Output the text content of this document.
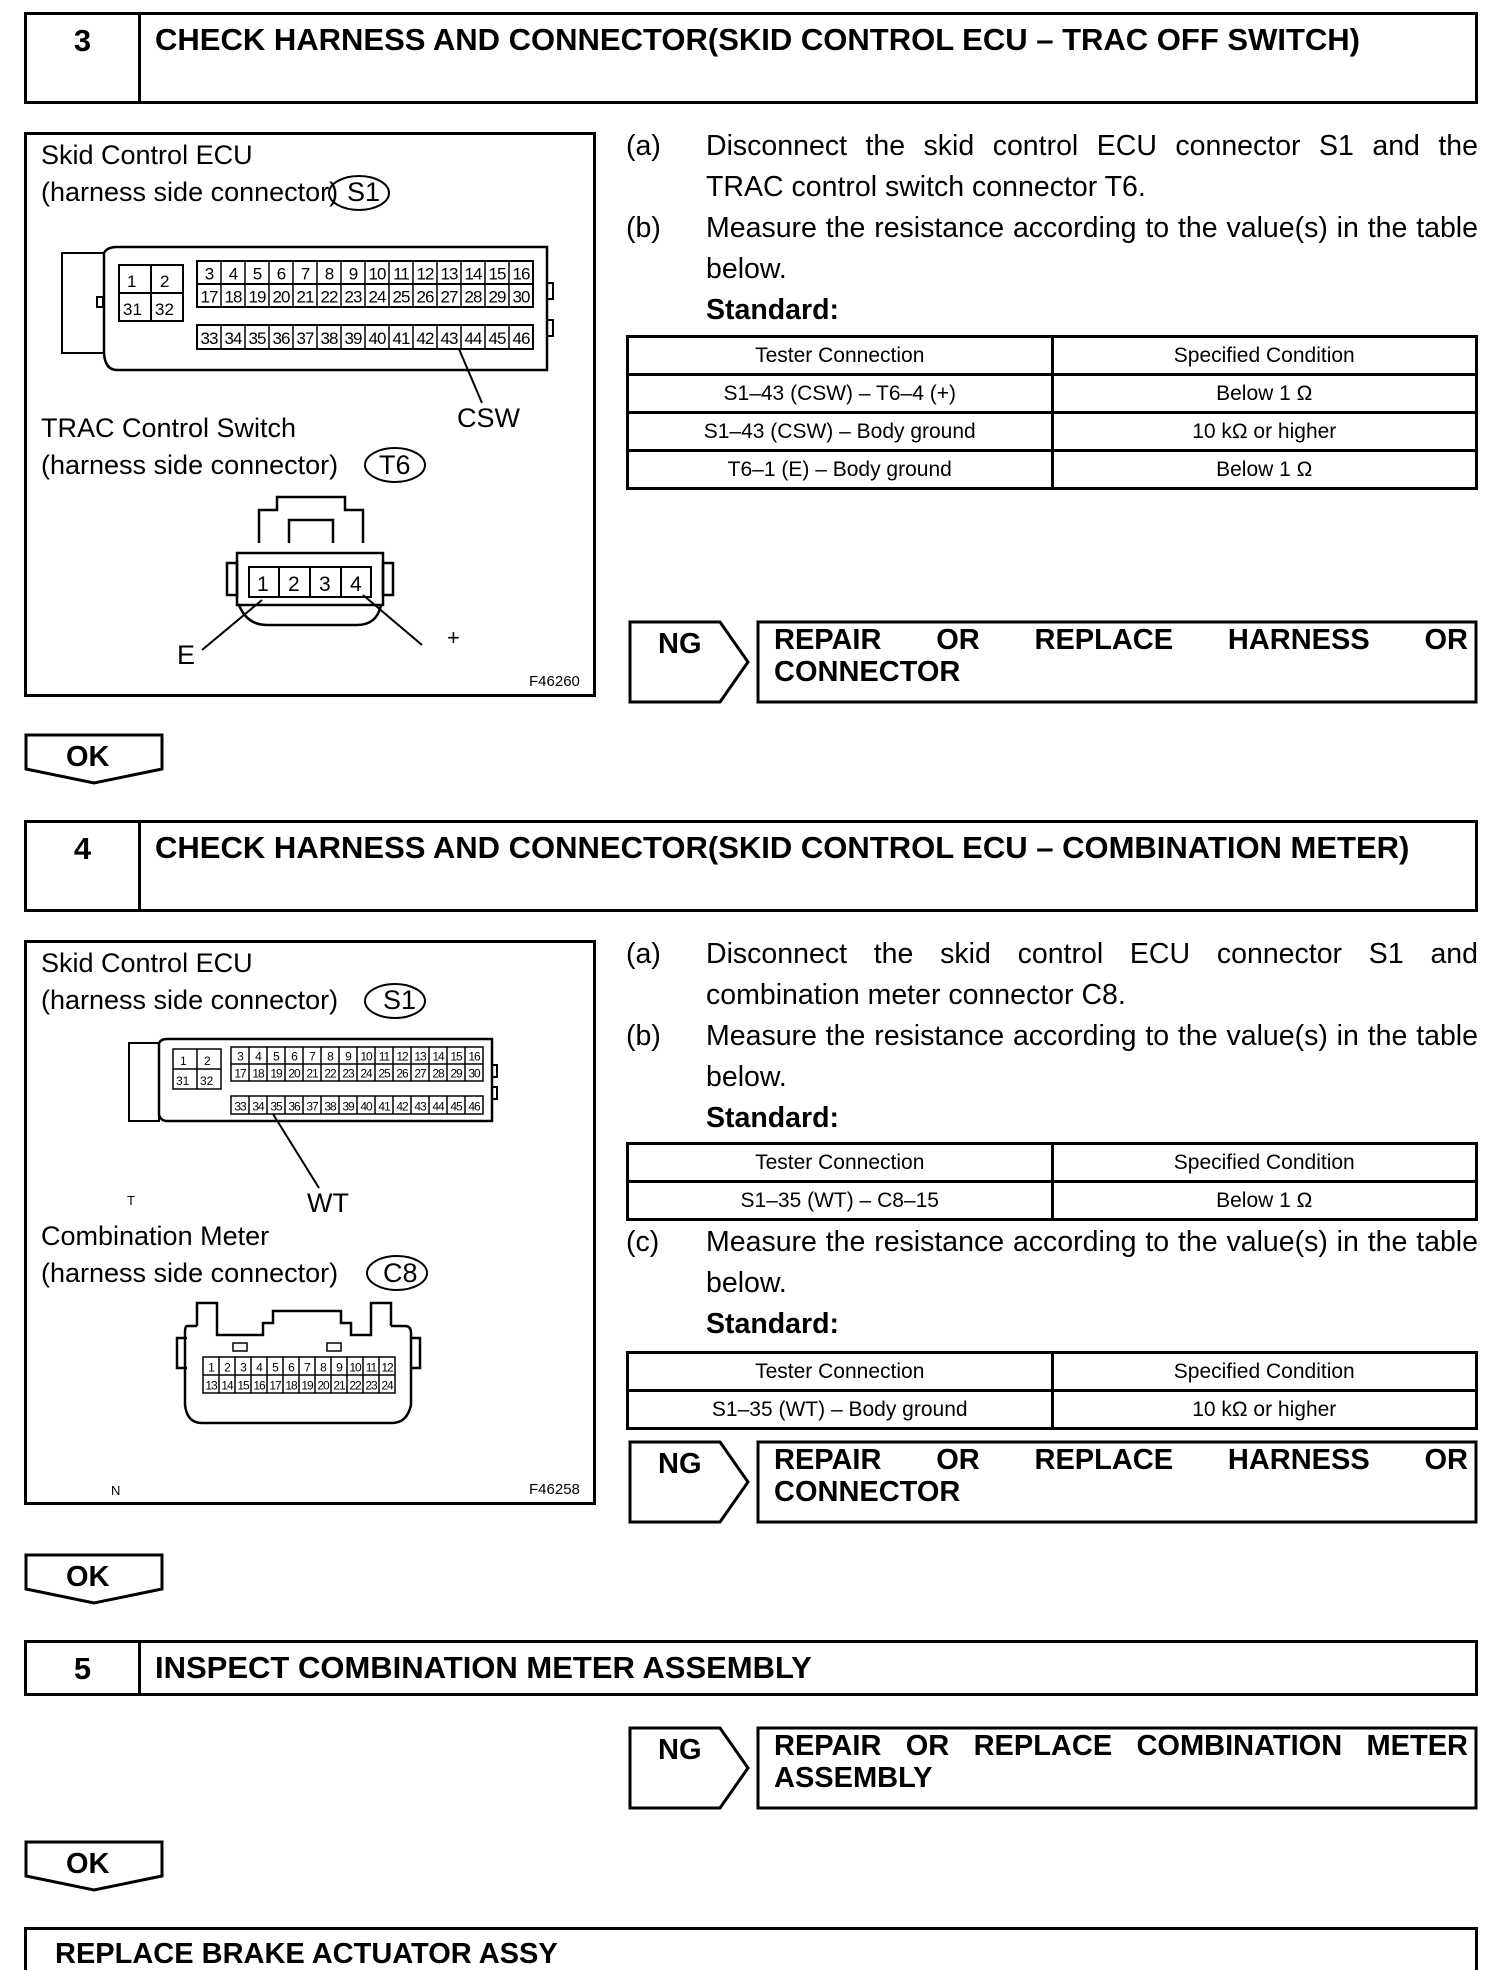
3	CHECK HARNESS AND CONNECTOR(SKID CONTROL ECU – TRAC OFF SWITCH)
Skid Control ECU
(harness side connector) S1
CSW
TRAC Control Switch
(harness side connector) T6
E
+
F46260
1 2
31 32
3 4 5 6 7 8 9 10 11 12 13 14 15 16
17 18 19 20 21 22 23 24 25 26 27 28 29 30
33 34 35 36 37 38 39 40 41 42 43 44 45 46
1 2 3 4
(a)	Disconnect the skid control ECU connector S1 and the TRAC control switch connector T6.
(b)	Measure the resistance according to the value(s) in the table below.
Standard:
Tester Connection	Specified Condition
S1–43 (CSW) – T6–4 (+)	Below 1 Ω
S1–43 (CSW) – Body ground	10 kΩ or higher
T6–1 (E) – Body ground	Below 1 Ω
NG	REPAIR OR REPLACE HARNESS OR
CONNECTOR
OK
4	CHECK HARNESS AND CONNECTOR(SKID CONTROL ECU – COMBINATION METER)
Skid Control ECU
(harness side connector) S1
WT
T
Combination Meter
(harness side connector) C8
N	F46258
1 2
31 32
3 4 5 6 7 8 9 10 11 12 13 14 15 16
17 18 19 20 21 22 23 24 25 26 27 28 29 30
33 34 35 36 37 38 39 40 41 42 43 44 45 46
1 2 3 4 5 6 7 8 9 10 11 12
13 14 15 16 17 18 19 20 21 22 23 24
(a)	Disconnect the skid control ECU connector S1 and combination meter connector C8.
(b)	Measure the resistance according to the value(s) in the table below.
Standard:
Tester Connection	Specified Condition
S1–35 (WT) – C8–15	Below 1 Ω
(c)	Measure the resistance according to the value(s) in the table below.
Standard:
Tester Connection	Specified Condition
S1–35 (WT) – Body ground	10 kΩ or higher
NG	REPAIR OR REPLACE HARNESS OR
CONNECTOR
OK
5	INSPECT COMBINATION METER ASSEMBLY
NG	REPAIR OR REPLACE COMBINATION METER
ASSEMBLY
OK
REPLACE BRAKE ACTUATOR ASSY
